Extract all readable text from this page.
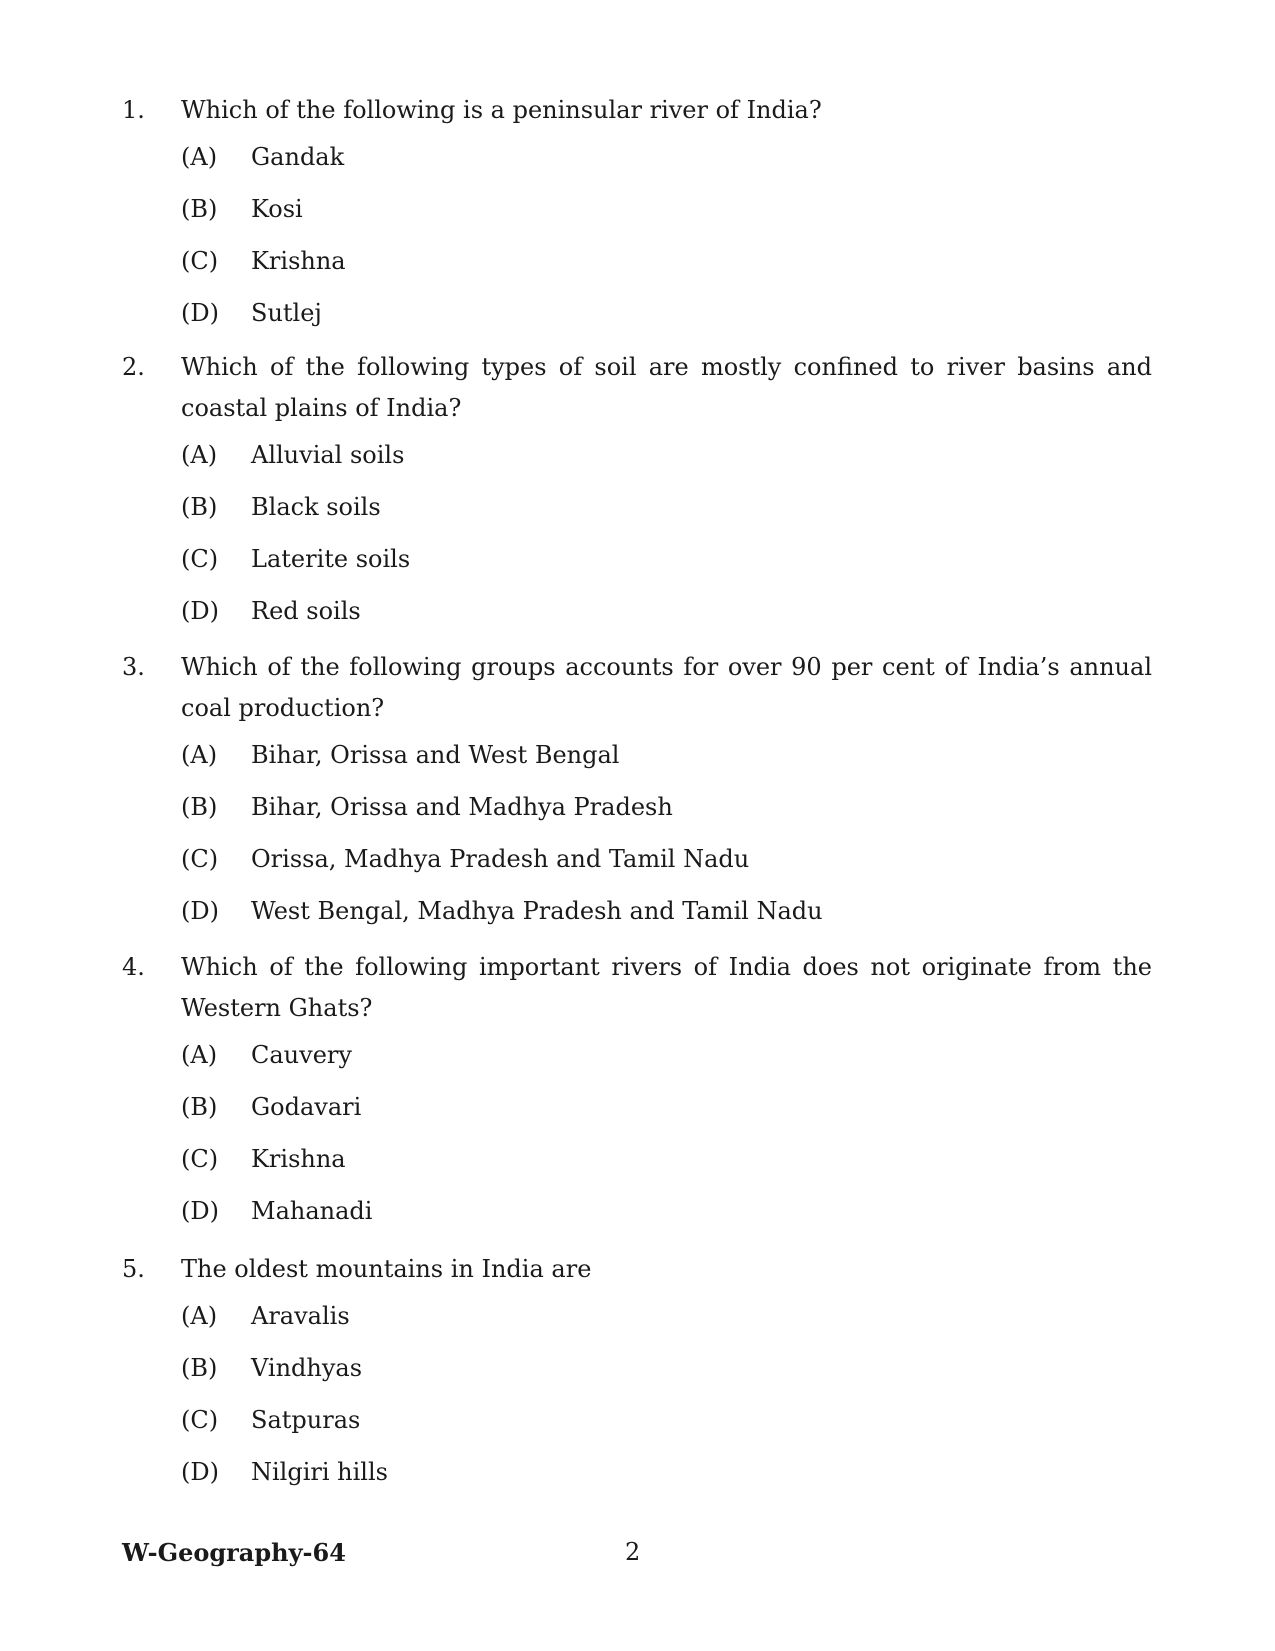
1.	Which of the following is a peninsular river of India?
(A)	Gandak
(B)	Kosi
(C)	Krishna
(D)	Sutlej
2.	Which of the following types of soil are mostly confined to river basins and coastal plains of India?
(A)	Alluvial soils
(B)	Black soils
(C)	Laterite soils
(D)	Red soils
3.	Which of the following groups accounts for over 90 per cent of India’s annual coal production?
(A)	Bihar, Orissa and West Bengal
(B)	Bihar, Orissa and Madhya Pradesh
(C)	Orissa, Madhya Pradesh and Tamil Nadu
(D)	West Bengal, Madhya Pradesh and Tamil Nadu
4.	Which of the following important rivers of India does not originate from the Western Ghats?
(A)	Cauvery
(B)	Godavari
(C)	Krishna
(D)	Mahanadi
5.	The oldest mountains in India are
(A)	Aravalis
(B)	Vindhyas
(C)	Satpuras
(D)	Nilgiri hills
W-Geography-64	2
